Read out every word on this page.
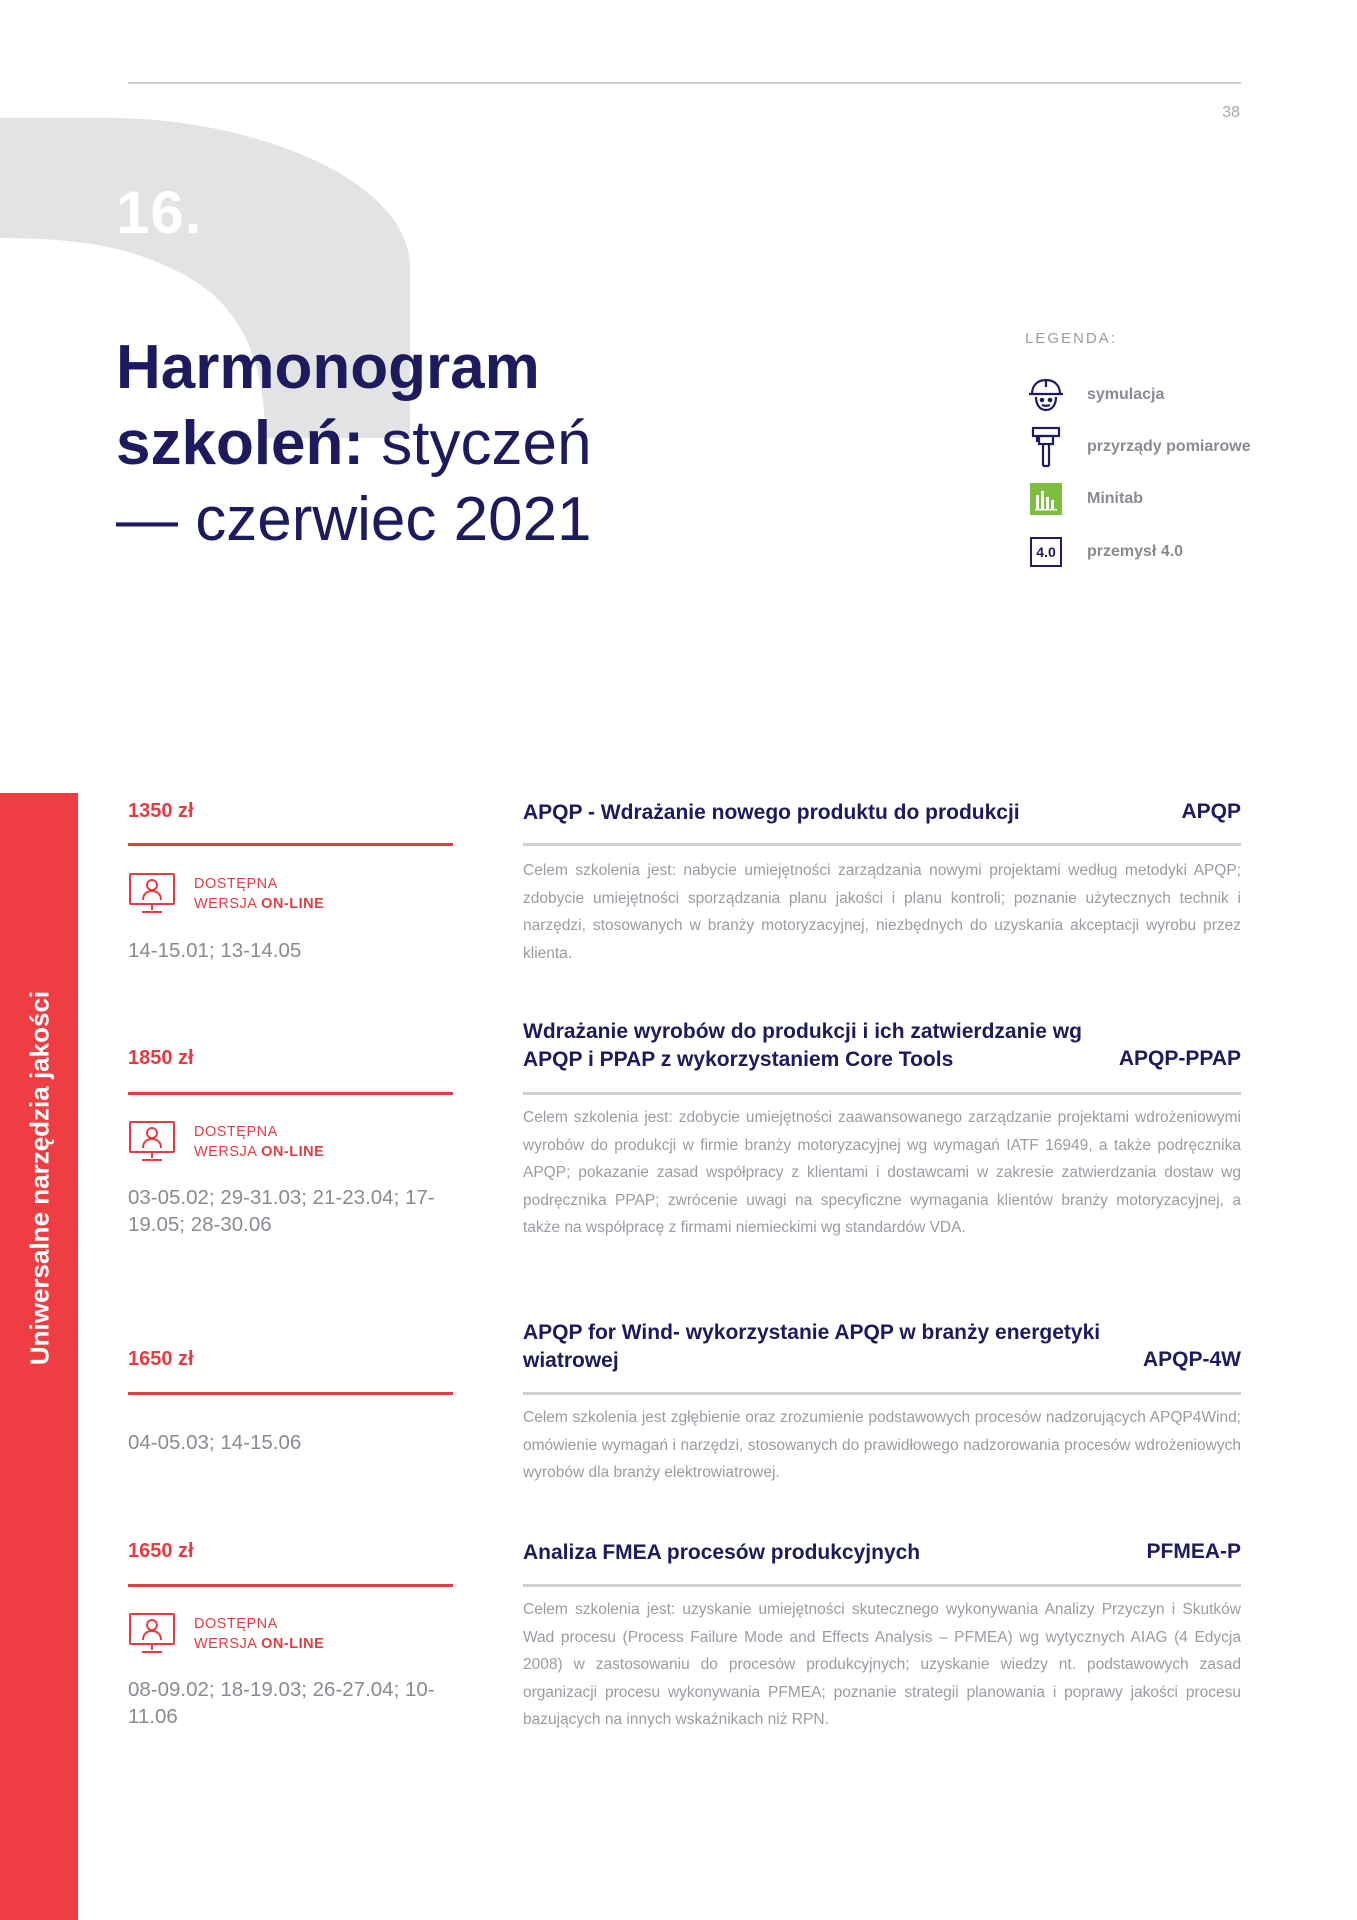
38
16.
Harmonogram
szkoleń: styczeń
— czerwiec 2021
LEGENDA:
symulacja
przyrządy pomiarowe
Minitab
4.0	przemysł 4.0
Uniwersalne narzędzia jakości
1350 zł
DOSTĘPNA
WERSJA ON-LINE
14-15.01; 13-14.05
APQP - Wdrażanie nowego produktu do produkcji	APQP
Celem szkolenia jest: nabycie umiejętności zarządzania nowymi projektami według metodyki APQP; zdobycie umiejętności sporządzania planu jakości i planu kontroli; poznanie użytecznych technik i narzędzi, stosowanych w branży motoryzacyjnej, niezbędnych do uzyskania akceptacji wyrobu przez klienta.
1850 zł
DOSTĘPNA
WERSJA ON-LINE
03-05.02; 29-31.03; 21-23.04; 17-19.05; 28-30.06
Wdrażanie wyrobów do produkcji i ich zatwierdzanie wg APQP i PPAP z wykorzystaniem Core Tools	APQP-PPAP
Celem szkolenia jest: zdobycie umiejętności zaawansowanego zarządzanie projektami wdrożeniowymi wyrobów do produkcji w firmie branży motoryzacyjnej wg wymagań IATF 16949, a także podręcznika APQP; pokazanie zasad współpracy z klientami i dostawcami w zakresie zatwierdzania dostaw wg podręcznika PPAP; zwrócenie uwagi na specyficzne wymagania klientów branży motoryzacyjnej, a także na współpracę z firmami niemieckimi wg standardów VDA.
1650 zł
04-05.03; 14-15.06
APQP for Wind- wykorzystanie APQP w branży energetyki wiatrowej	APQP-4W
Celem szkolenia jest zgłębienie oraz zrozumienie podstawowych procesów nadzorujących APQP4Wind; omówienie wymagań i narzędzi, stosowanych do prawidłowego nadzorowania procesów wdrożeniowych wyrobów dla branży elektrowiatrowej.
1650 zł
DOSTĘPNA
WERSJA ON-LINE
08-09.02; 18-19.03; 26-27.04; 10-11.06
Analiza FMEA procesów produkcyjnych	PFMEA-P
Celem szkolenia jest: uzyskanie umiejętności skutecznego wykonywania Analizy Przyczyn i Skutków Wad procesu (Process Failure Mode and Effects Analysis – PFMEA) wg wytycznych AIAG (4 Edycja 2008) w zastosowaniu do procesów produkcyjnych; uzyskanie wiedzy nt. podstawowych zasad organizacji procesu wykonywania PFMEA; poznanie strategii planowania i poprawy jakości procesu bazujących na innych wskaźnikach niż RPN.
